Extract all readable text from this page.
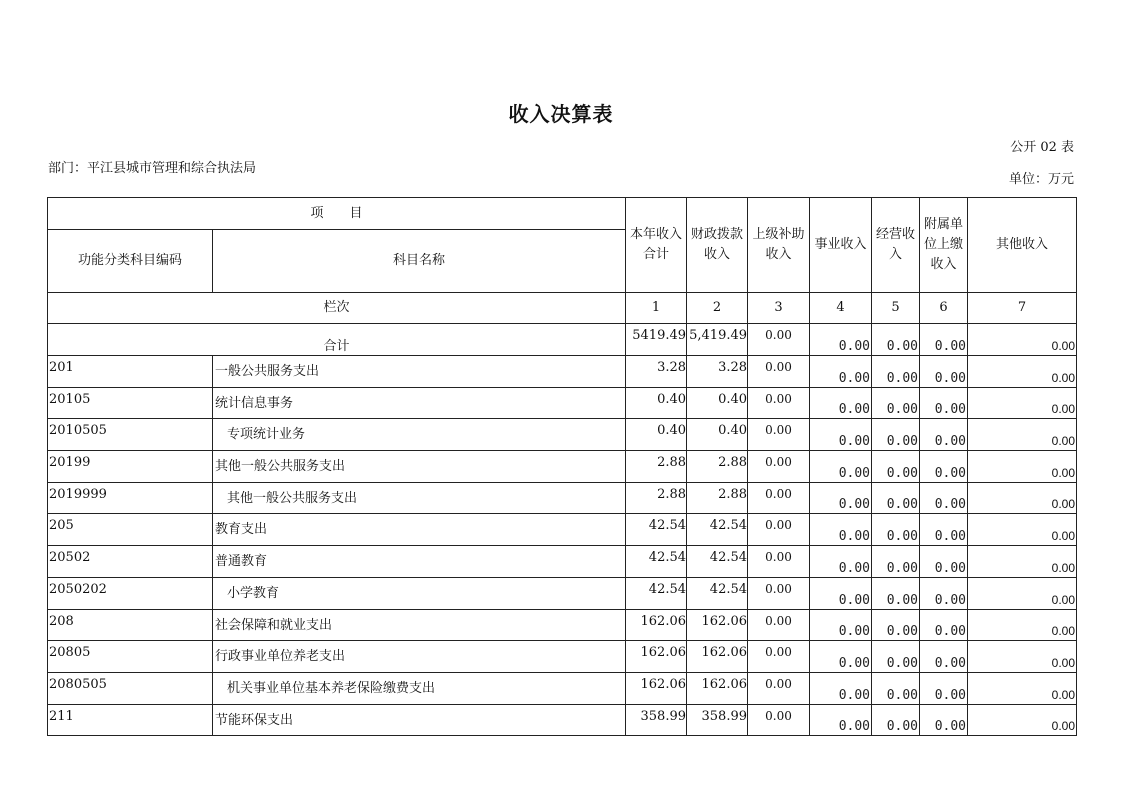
收入决算表
公开 02 表
部门：平江县城市管理和综合执法局
单位：万元
项　　目		本年收入合计	财政拨款收入	上级补助收入	事业收入	经营收入	附属单位上缴收入	其他收入
功能分类科目编码	科目名称							
栏次		1	2	3	4	5	6	7
合计		5419.49	5,419.49	0.00	0.00	0.00	0.00	0.00
201	一般公共服务支出	3.28	3.28	0.00	0.00	0.00	0.00	0.00
20105	统计信息事务	0.40	0.40	0.00	0.00	0.00	0.00	0.00
2010505	专项统计业务	0.40	0.40	0.00	0.00	0.00	0.00	0.00
20199	其他一般公共服务支出	2.88	2.88	0.00	0.00	0.00	0.00	0.00
2019999	其他一般公共服务支出	2.88	2.88	0.00	0.00	0.00	0.00	0.00
205	教育支出	42.54	42.54	0.00	0.00	0.00	0.00	0.00
20502	普通教育	42.54	42.54	0.00	0.00	0.00	0.00	0.00
2050202	小学教育	42.54	42.54	0.00	0.00	0.00	0.00	0.00
208	社会保障和就业支出	162.06	162.06	0.00	0.00	0.00	0.00	0.00
20805	行政事业单位养老支出	162.06	162.06	0.00	0.00	0.00	0.00	0.00
2080505	机关事业单位基本养老保险缴费支出	162.06	162.06	0.00	0.00	0.00	0.00	0.00
211	节能环保支出	358.99	358.99	0.00	0.00	0.00	0.00	0.00
